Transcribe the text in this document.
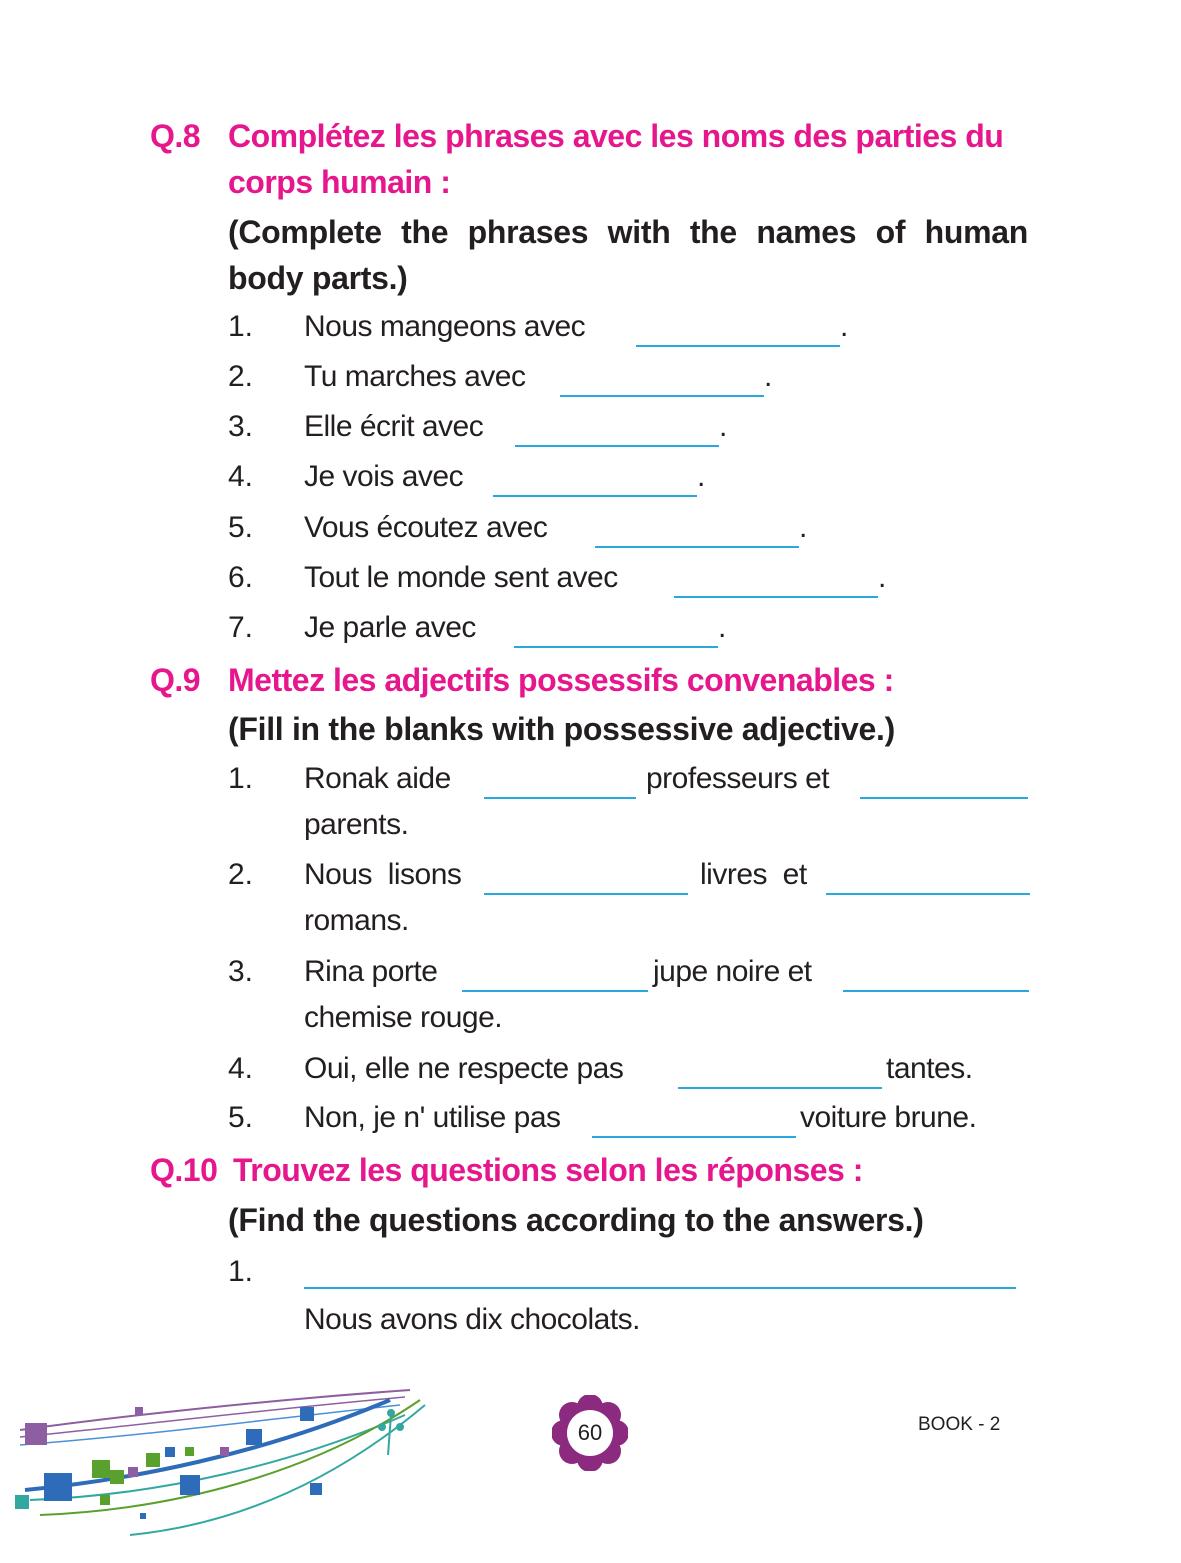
Q.8 Complétez les phrases avec les noms des parties du
corps humain :
(Complete the phrases with the names of human
body parts.)
1. Nous mangeons avec	.
2. Tu marches avec	.
3. Elle écrit avec	.
4. Je vois avec	.
5. Vous écoutez avec	.
6. Tout le monde sent avec	.
7. Je parle avec	.
Q.9 Mettez les adjectifs possessifs convenables :
(Fill in the blanks with possessive adjective.)
1. Ronak aide	professeurs et
parents.
2. Nous  lisons	livres  et
romans.
3. Rina porte	jupe noire et
chemise rouge.
4. Oui, elle ne respecte pas	tantes.
5. Non, je n' utilise pas	voiture brune.
Q.10 Trouvez les questions selon les réponses :
(Find the questions according to the answers.)
1.
Nous avons dix chocolats.
60	BOOK - 2
